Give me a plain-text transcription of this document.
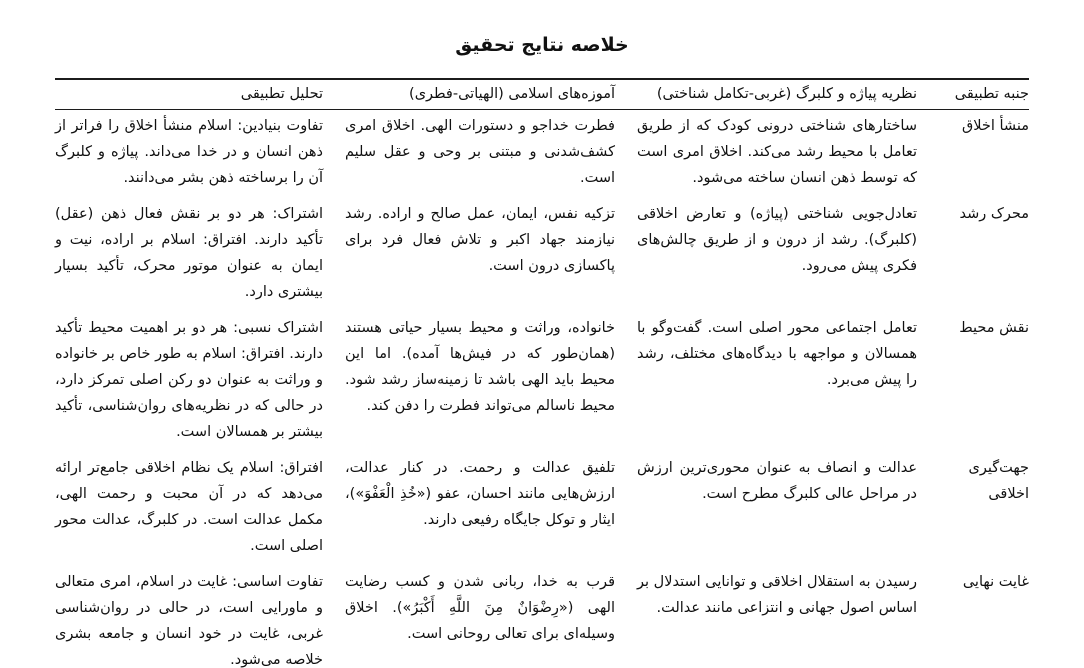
خلاصه نتایج تحقیق
جنبه تطبیقی	نظریه پیاژه و کلبرگ (غربی-تکامل شناختی)	آموزه‌های اسلامی (الهیاتی-فطری)	تحلیل تطبیقی
منشأ اخلاق	ساختارهای شناختی درونی کودک که از طریق تعامل با محیط رشد می‌کند. اخلاق امری است که توسط ذهن انسان ساخته می‌شود.	فطرت خداجو و دستورات الهی. اخلاق امری کشف‌شدنی و مبتنی بر وحی و عقل سلیم است.	تفاوت بنیادین: اسلام منشأ اخلاق را فراتر از ذهن انسان و در خدا می‌داند. پیاژه و کلبرگ آن را برساخته ذهن بشر می‌دانند.
محرک رشد	تعادل‌جویی شناختی (پیاژه) و تعارض اخلاقی (کلبرگ). رشد از درون و از طریق چالش‌های فکری پیش می‌رود.	تزکیه نفس، ایمان، عمل صالح و اراده. رشد نیازمند جهاد اکبر و تلاش فعال فرد برای پاکسازی درون است.	اشتراک: هر دو بر نقش فعال ذهن (عقل) تأکید دارند. افتراق: اسلام بر اراده، نیت و ایمان به عنوان موتور محرک، تأکید بسیار بیشتری دارد.
نقش محیط	تعامل اجتماعی محور اصلی است. گفت‌وگو با همسالان و مواجهه با دیدگاه‌های مختلف، رشد را پیش می‌برد.	خانواده، وراثت و محیط بسیار حیاتی هستند (همان‌طور که در فیش‌ها آمده). اما این محیط باید الهی باشد تا زمینه‌ساز رشد شود. محیط ناسالم می‌تواند فطرت را دفن کند.	اشتراک نسبی: هر دو بر اهمیت محیط تأکید دارند. افتراق: اسلام به طور خاص بر خانواده و وراثت به عنوان دو رکن اصلی تمرکز دارد، در حالی که در نظریه‌های روان‌شناسی، تأکید بیشتر بر همسالان است.
جهت‌گیری اخلاقی	عدالت و انصاف به عنوان محوری‌ترین ارزش در مراحل عالی کلبرگ مطرح است.	تلفیق عدالت و رحمت. در کنار عدالت، ارزش‌هایی مانند احسان، عفو («خُذِ الْعَفْوَ»)، ایثار و توکل جایگاه رفیعی دارند.	افتراق: اسلام یک نظام اخلاقی جامع‌تر ارائه می‌دهد که در آن محبت و رحمت الهی، مکمل عدالت است. در کلبرگ، عدالت محور اصلی است.
غایت نهایی	رسیدن به استقلال اخلاقی و توانایی استدلال بر اساس اصول جهانی و انتزاعی مانند عدالت.	قرب به خدا، ربانی شدن و کسب رضایت الهی («رِضْوَانٌ مِنَ اللَّهِ أَکْبَرُ»). اخلاق وسیله‌ای برای تعالی روحانی است.	تفاوت اساسی: غایت در اسلام، امری متعالی و ماورایی است، در حالی در روان‌شناسی غربی، غایت در خود انسان و جامعه بشری خلاصه می‌شود.
